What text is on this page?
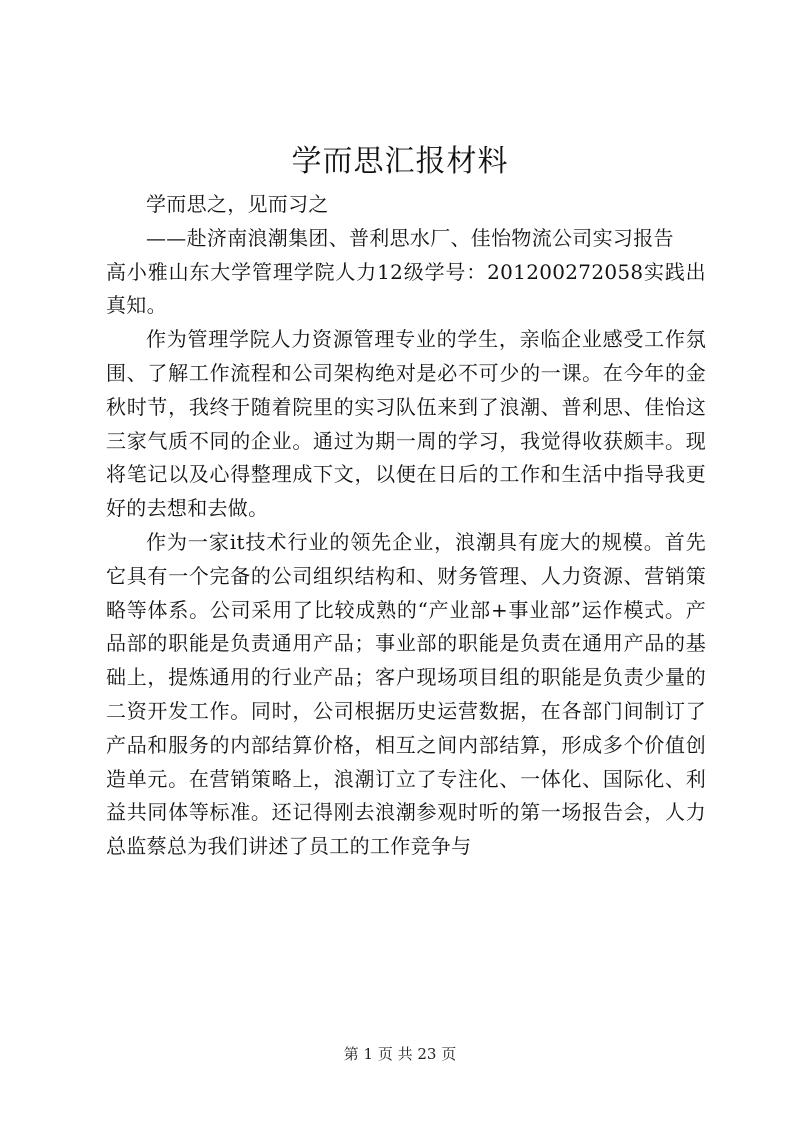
学而思汇报材料

学而思之，见而习之

——赴济南浪潮集团、普利思水厂、佳怡物流公司实习报告

高小雅山东大学管理学院人力12级学号：201200272058实践出真知。

作为管理学院人力资源管理专业的学生，亲临企业感受工作氛围、了解工作流程和公司架构绝对是必不可少的一课。在今年的金秋时节，我终于随着院里的实习队伍来到了浪潮、普利思、佳怡这三家气质不同的企业。通过为期一周的学习，我觉得收获颇丰。现将笔记以及心得整理成下文，以便在日后的工作和生活中指导我更好的去想和去做。

作为一家it技术行业的领先企业，浪潮具有庞大的规模。首先它具有一个完备的公司组织结构和、财务管理、人力资源、营销策略等体系。公司采用了比较成熟的“产业部+事业部”运作模式。产品部的职能是负责通用产品；事业部的职能是负责在通用产品的基础上，提炼通用的行业产品；客户现场项目组的职能是负责少量的二资开发工作。同时，公司根据历史运营数据，在各部门间制订了产品和服务的内部结算价格，相互之间内部结算，形成多个价值创造单元。在营销策略上，浪潮订立了专注化、一体化、国际化、利益共同体等标准。还记得刚去浪潮参观时听的第一场报告会，人力总监蔡总为我们讲述了员工的工作竞争与

第 1 页 共 23 页
